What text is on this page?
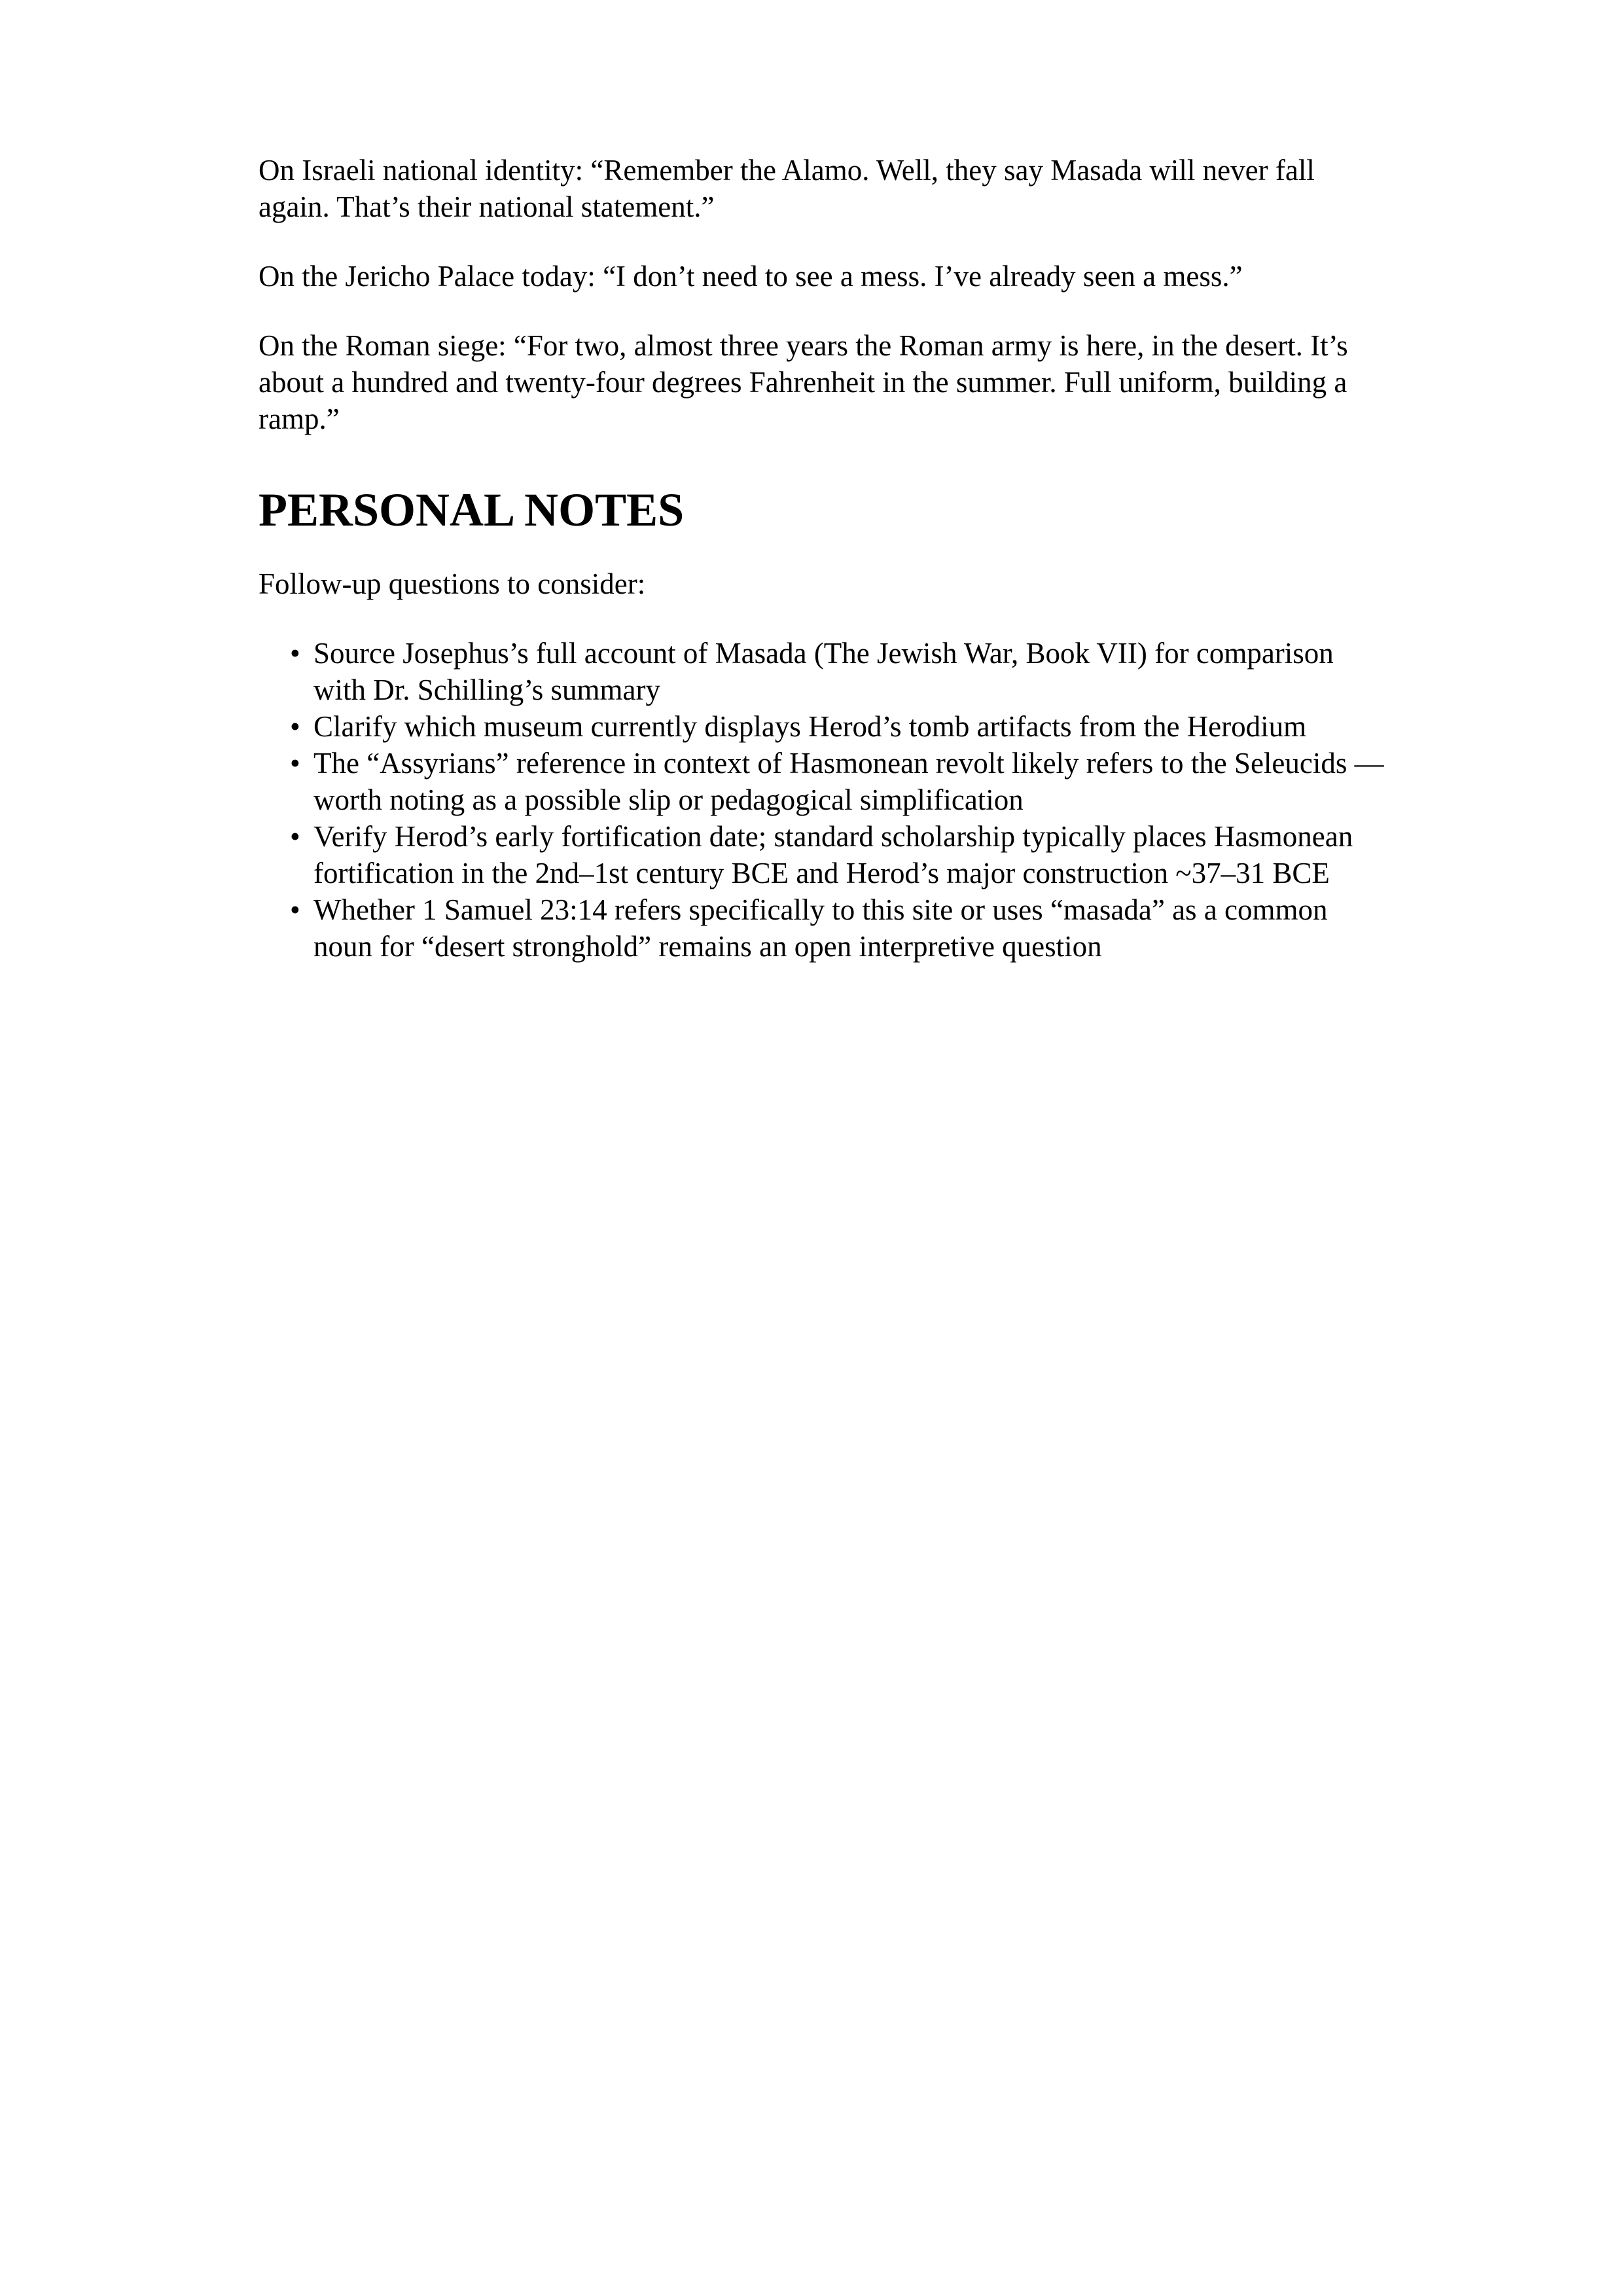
On Israeli national identity: “Remember the Alamo. Well, they say Masada will never fall again. That’s their national statement.”

On the Jericho Palace today: “I don’t need to see a mess. I’ve already seen a mess.”

On the Roman siege: “For two, almost three years the Roman army is here, in the desert. It’s about a hundred and twenty-four degrees Fahrenheit in the summer. Full uniform, building a ramp.”

PERSONAL NOTES

Follow-up questions to consider:

• Source Josephus’s full account of Masada (The Jewish War, Book VII) for comparison with Dr. Schilling’s summary
• Clarify which museum currently displays Herod’s tomb artifacts from the Herodium
• The “Assyrians” reference in context of Hasmonean revolt likely refers to the Seleucids — worth noting as a possible slip or pedagogical simplification
• Verify Herod’s early fortification date; standard scholarship typically places Hasmonean fortification in the 2nd–1st century BCE and Herod’s major construction ~37–31 BCE
• Whether 1 Samuel 23:14 refers specifically to this site or uses “masada” as a common noun for “desert stronghold” remains an open interpretive question
